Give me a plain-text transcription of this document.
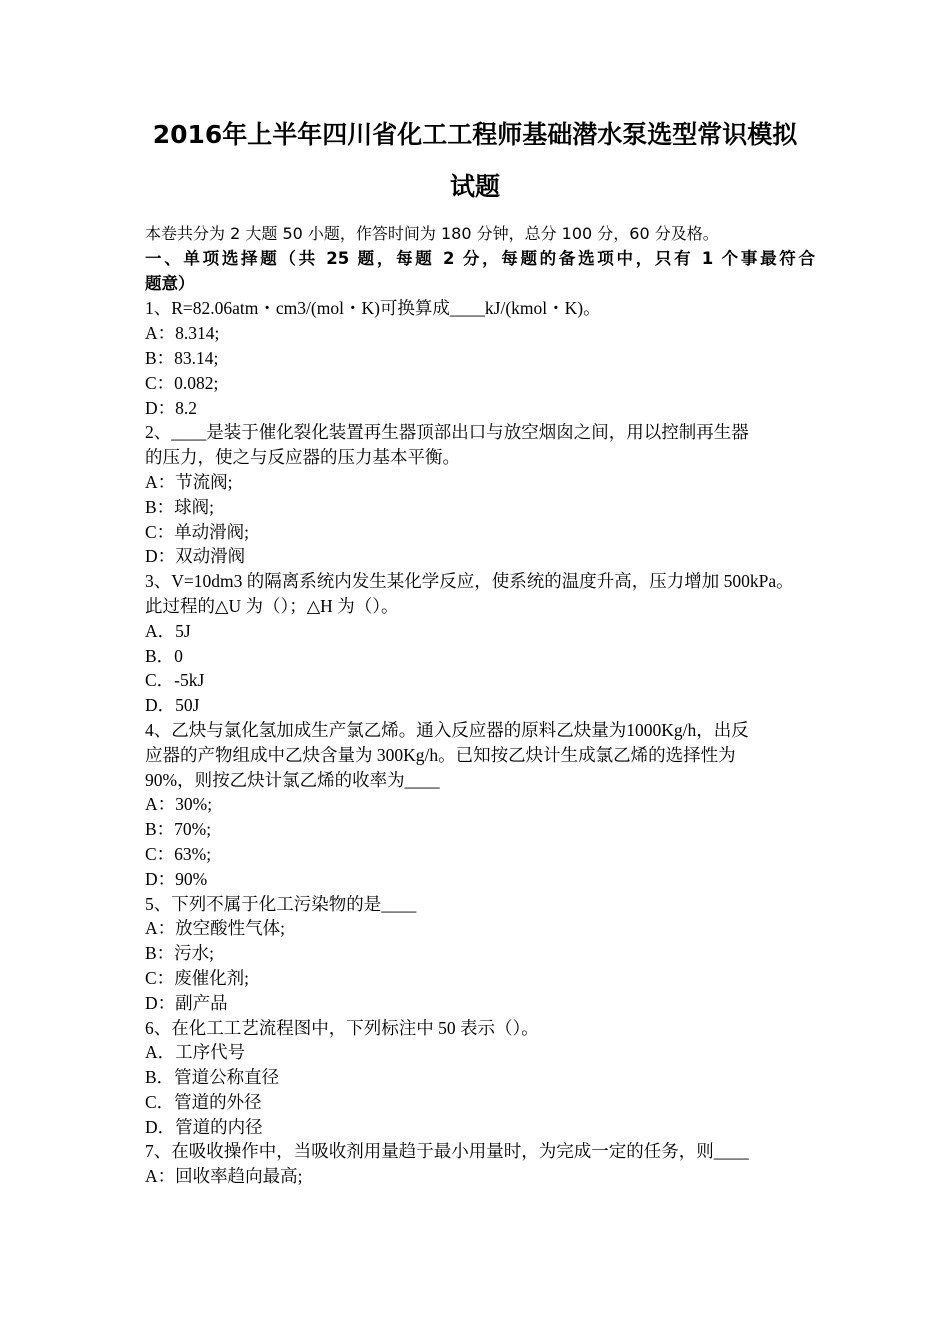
2016年上半年四川省化工工程师基础潜水泵选型常识模拟
试题
本卷共分为 2 大题 50 小题，作答时间为 180 分钟，总分 100 分，60 分及格。
一、单项选择题（共 25 题，每题 2 分，每题的备选项中，只有 1 个事最符合
题意）
1、R=82.06atm・cm3/(mol・K)可换算成____kJ/(kmol・K)。
A：8.314;
B：83.14;
C：0.082;
D：8.2
2、____是装于催化裂化装置再生器顶部出口与放空烟囱之间，用以控制再生器
的压力，使之与反应器的压力基本平衡。
A：节流阀;
B：球阀;
C：单动滑阀;
D：双动滑阀
3、V=10dm3 的隔离系统内发生某化学反应，使系统的温度升高，压力增加 500kPa。
此过程的△U 为（）；△H 为（）。
A．5J
B．0
C．-5kJ
D．50J
4、乙炔与氯化氢加成生产氯乙烯。通入反应器的原料乙炔量为1000Kg/h，出反
应器的产物组成中乙炔含量为 300Kg/h。已知按乙炔计生成氯乙烯的选择性为
90%，则按乙炔计氯乙烯的收率为____
A：30%;
B：70%;
C：63%;
D：90%
5、下列不属于化工污染物的是____
A：放空酸性气体;
B：污水;
C：废催化剂;
D：副产品
6、在化工工艺流程图中，下列标注中 50 表示（）。
A．工序代号
B．管道公称直径
C．管道的外径
D．管道的内径
7、在吸收操作中，当吸收剂用量趋于最小用量时，为完成一定的任务，则____
A：回收率趋向最高;
